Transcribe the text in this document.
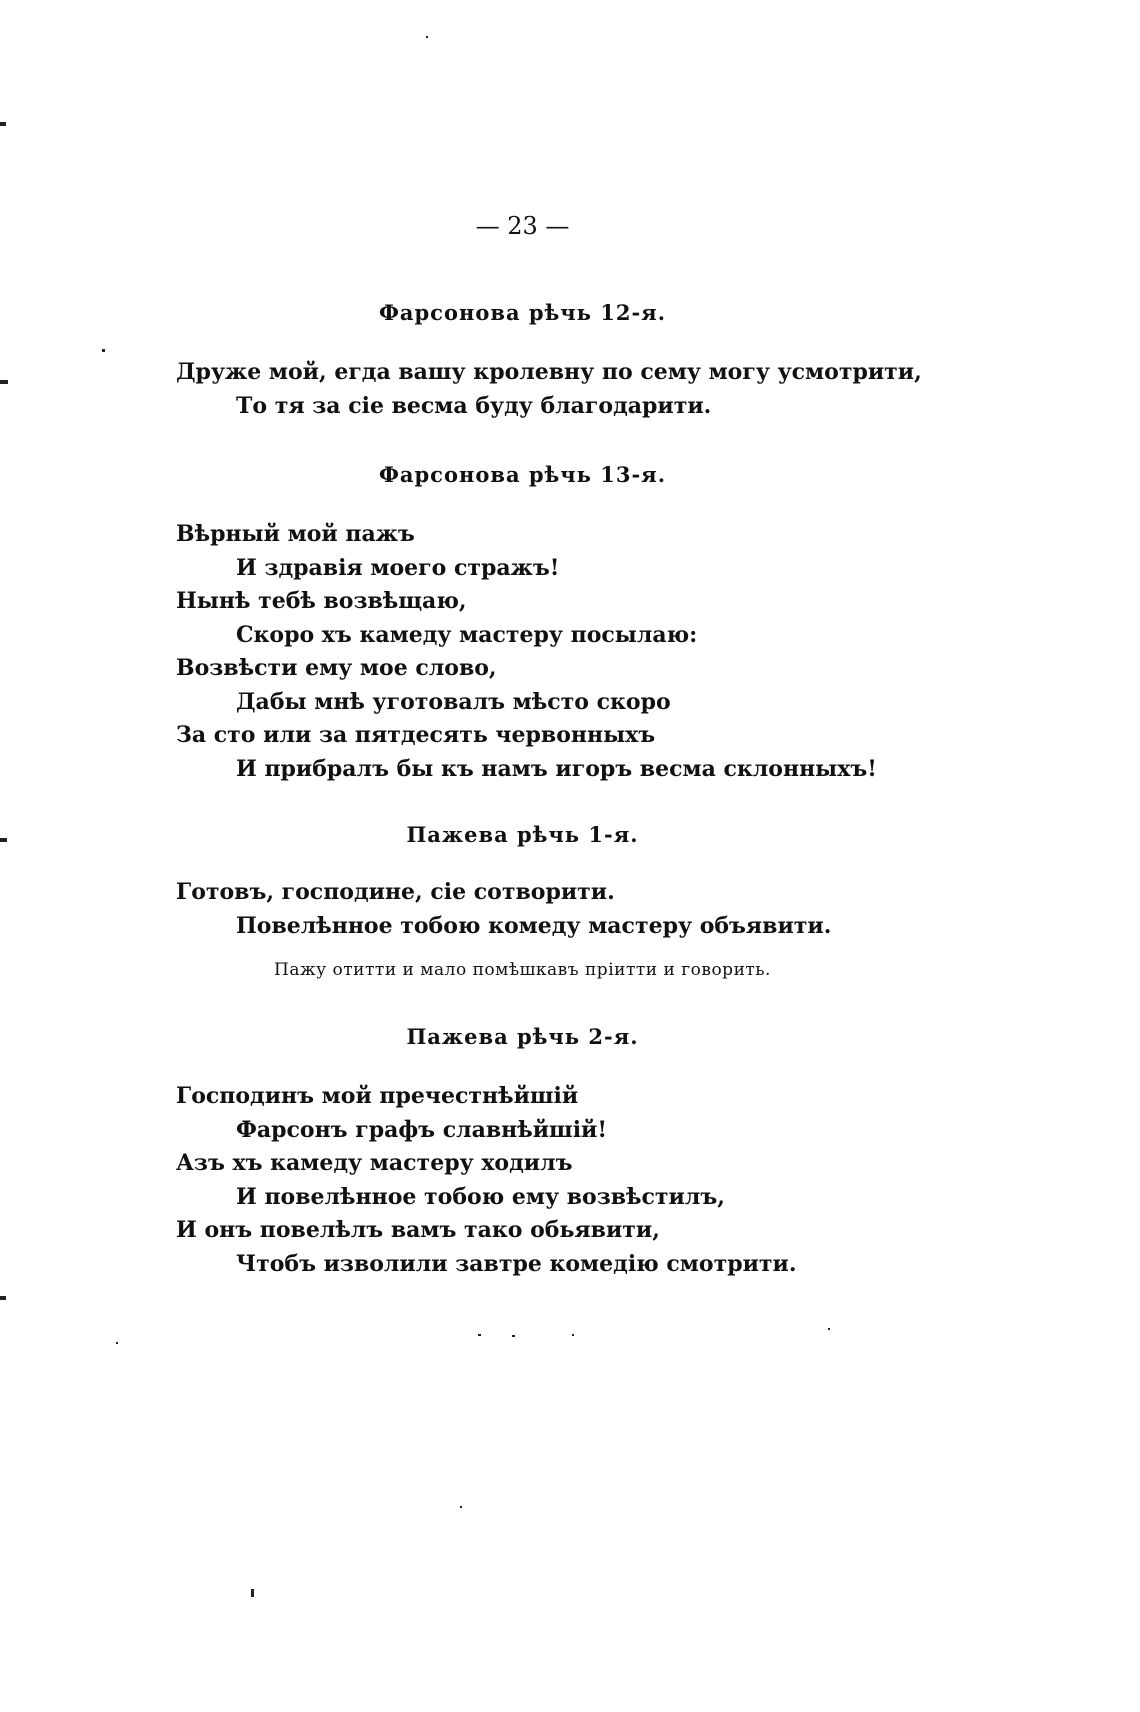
— 23 —
Фарсонова рѣчь 12-я.
Друже мой, егда вашу кролевну по сему могу усмотрити,
То тя за сіе весма буду благодарити.
Фарсонова рѣчь 13-я.
Вѣрный мой пажъ
И здравія моего стражъ!
Нынѣ тебѣ возвѣщаю,
Скоро хъ камеду мастеру посылаю:
Возвѣсти ему мое слово,
Дабы мнѣ уготовалъ мѣсто скоро
За сто или за пятдесять червонныхъ
И прибралъ бы къ намъ игоръ весма склонныхъ!
Пажева рѣчь 1-я.
Готовъ, господине, сіе сотворити.
Повелѣнное тобою комеду мастеру объявити.
Пажу отитти и мало помѣшкавъ пріитти и говорить.
Пажева рѣчь 2-я.
Господинъ мой пречестнѣйшій
Фарсонъ графъ славнѣйшій!
Азъ хъ камеду мастеру ходилъ
И повелѣнное тобою ему возвѣстилъ,
И онъ повелѣлъ вамъ тако обьявити,
Чтобъ изволили завтре комедію смотрити.
